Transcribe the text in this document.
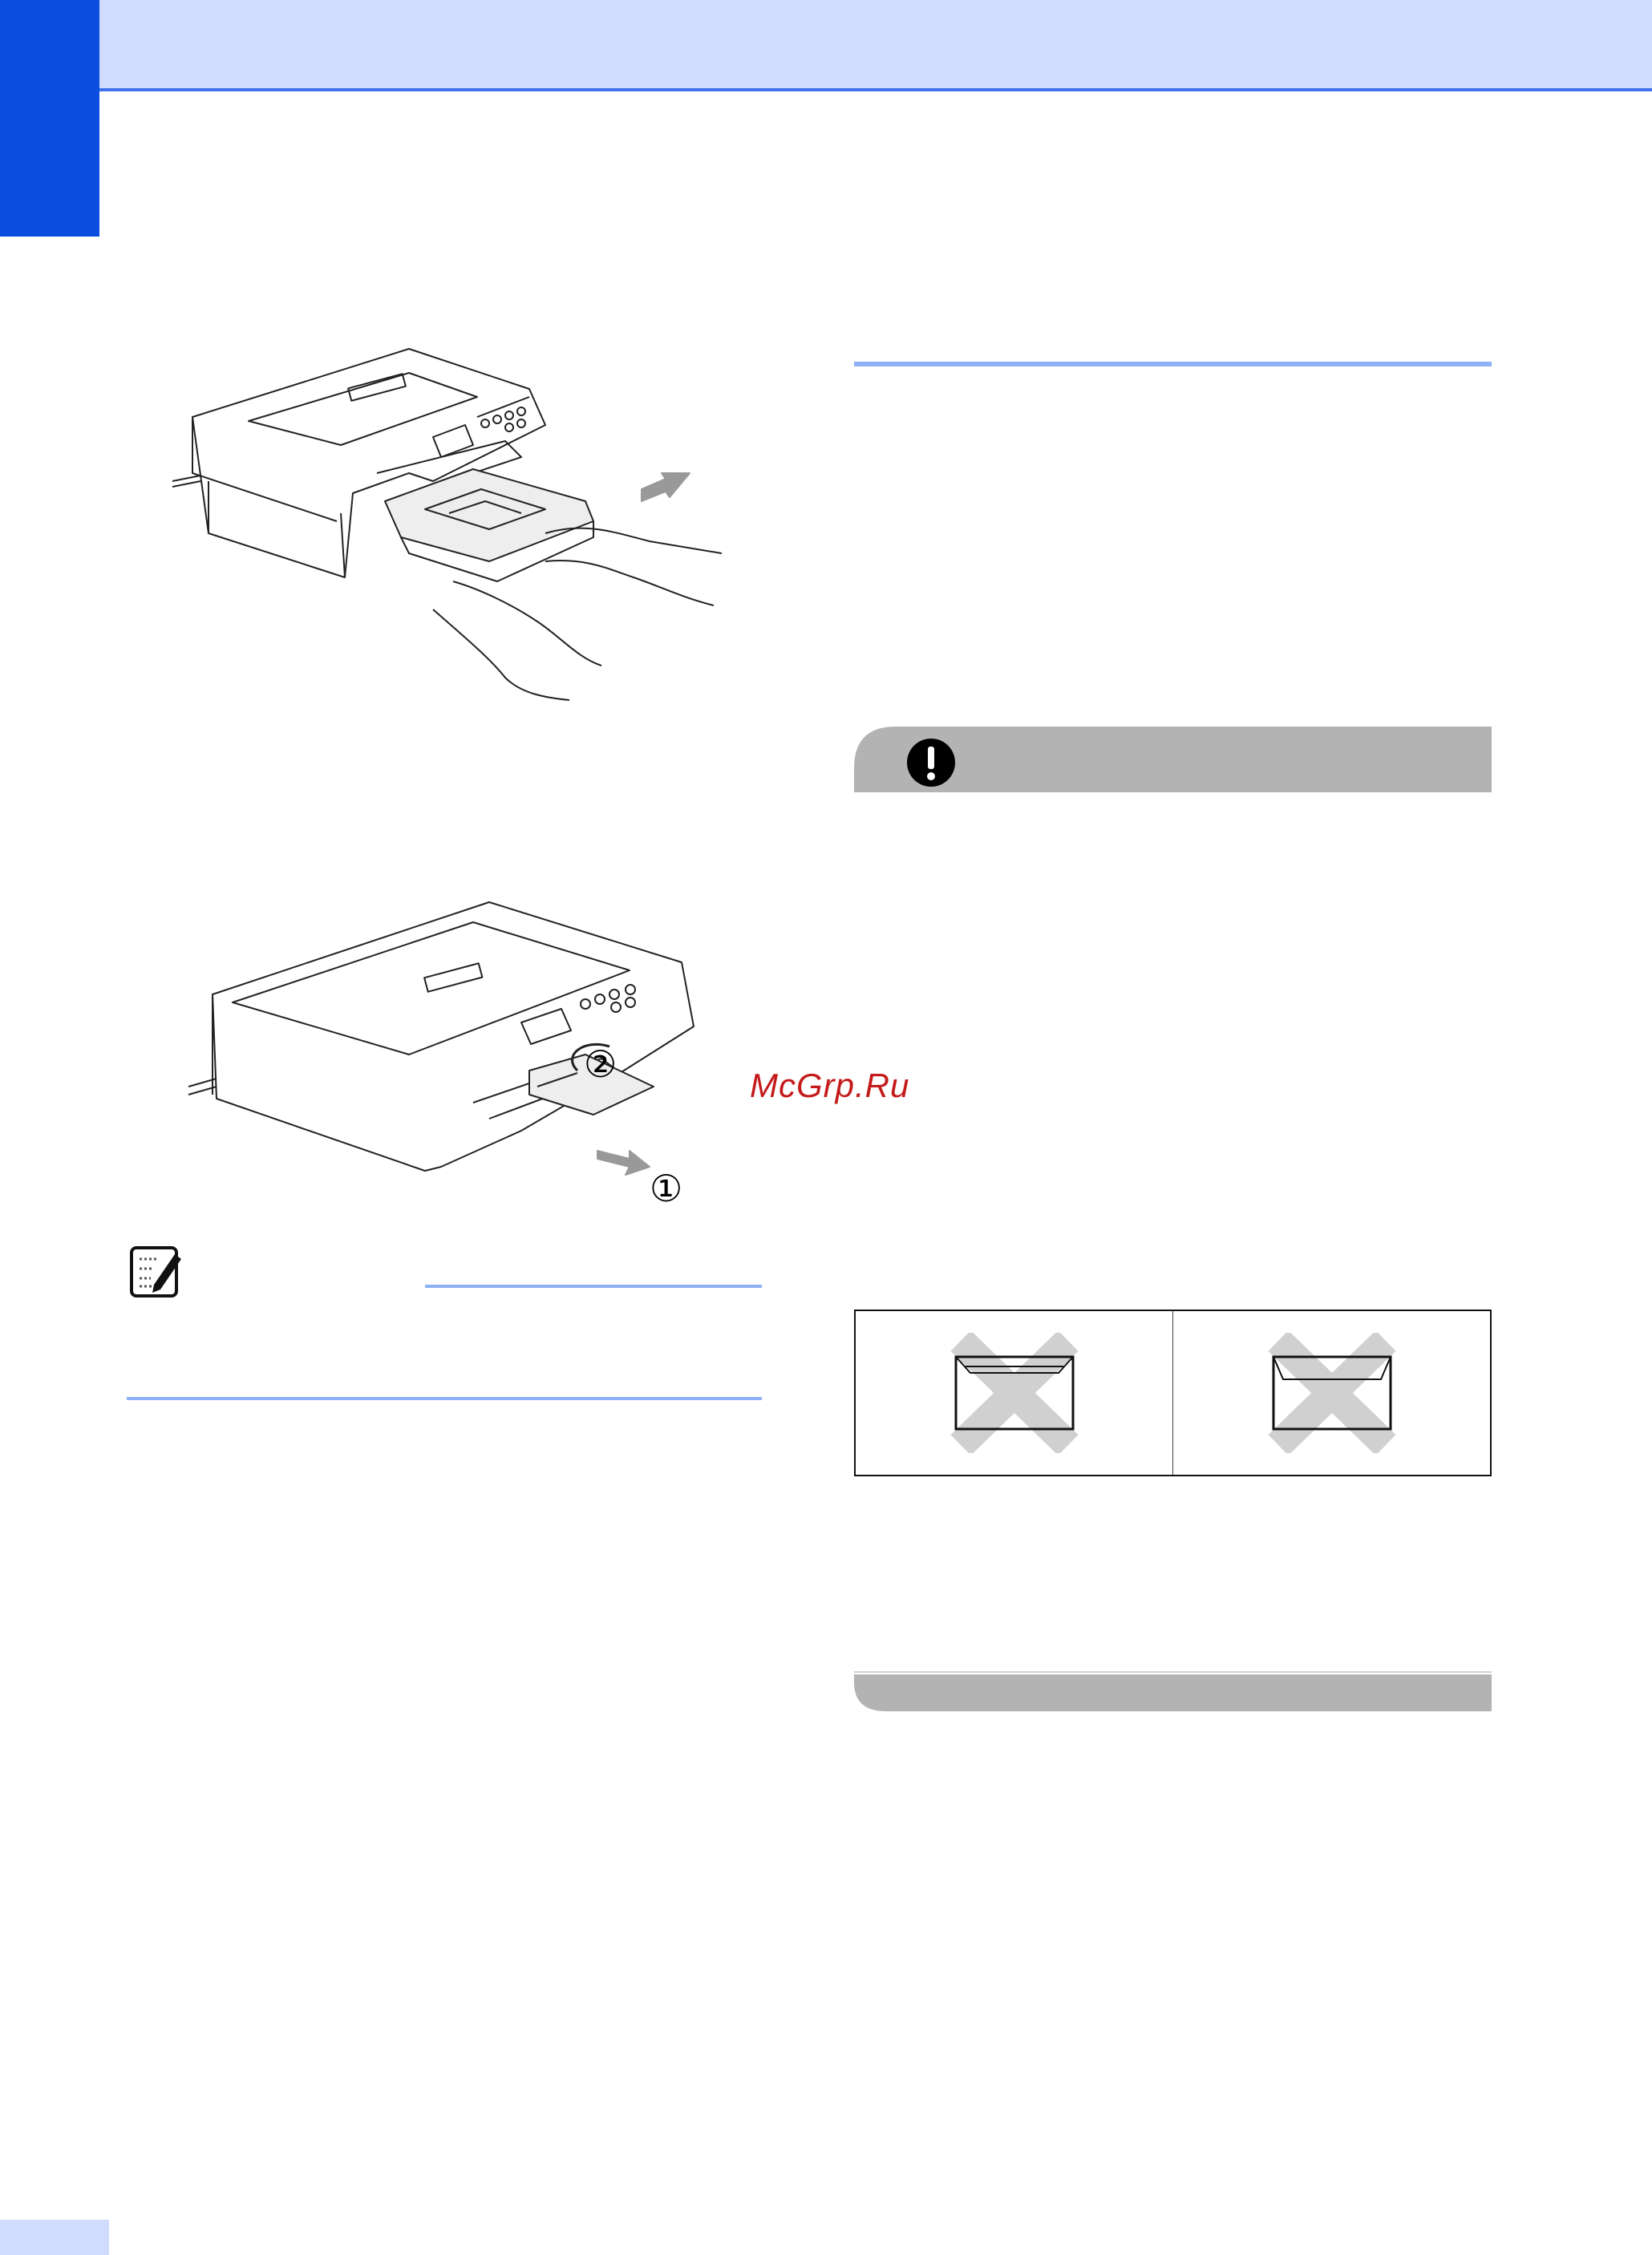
①
②	McGrp.Ru
